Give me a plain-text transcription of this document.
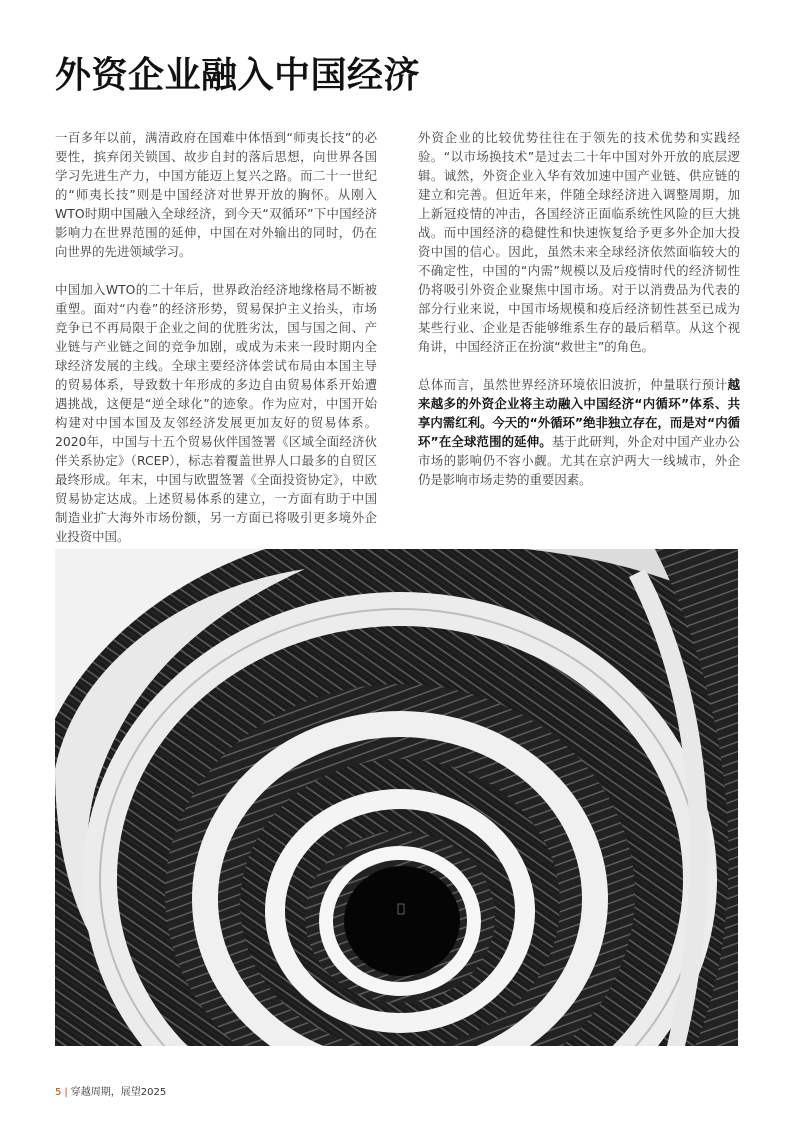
外资企业融入中国经济

一百多年以前，满清政府在国难中体悟到“师夷长技”的必要性，摈弃闭关锁国、故步自封的落后思想，向世界各国学习先进生产力，中国方能迈上复兴之路。而二十一世纪的“师夷长技”则是中国经济对世界开放的胸怀。从刚入WTO时期中国融入全球经济，到今天“双循环”下中国经济影响力在世界范围的延伸，中国在对外输出的同时，仍在向世界的先进领域学习。

中国加入WTO的二十年后，世界政治经济地缘格局不断被重塑。面对“内卷”的经济形势，贸易保护主义抬头，市场竞争已不再局限于企业之间的优胜劣汰，国与国之间、产业链与产业链之间的竞争加剧，或成为未来一段时期内全球经济发展的主线。全球主要经济体尝试布局由本国主导的贸易体系，导致数十年形成的多边自由贸易体系开始遭遇挑战，这便是“逆全球化”的迹象。作为应对，中国开始构建对中国本国及友邻经济发展更加友好的贸易体系。2020年，中国与十五个贸易伙伴国签署《区域全面经济伙伴关系协定》（RCEP），标志着覆盖世界人口最多的自贸区最终形成。年末，中国与欧盟签署《全面投资协定》，中欧贸易协定达成。上述贸易体系的建立，一方面有助于中国制造业扩大海外市场份额，另一方面已将吸引更多境外企业投资中国。

外资企业的比较优势往往在于领先的技术优势和实践经验。“以市场换技术”是过去二十年中国对外开放的底层逻辑。诚然，外资企业入华有效加速中国产业链、供应链的建立和完善。但近年来，伴随全球经济进入调整周期，加上新冠疫情的冲击，各国经济正面临系统性风险的巨大挑战。而中国经济的稳健性和快速恢复给予更多外企加大投资中国的信心。因此，虽然未来全球经济依然面临较大的不确定性，中国的“内需”规模以及后疫情时代的经济韧性仍将吸引外资企业聚焦中国市场。对于以消费品为代表的部分行业来说，中国市场规模和疫后经济韧性甚至已成为某些行业、企业是否能够维系生存的最后稻草。从这个视角讲，中国经济正在扮演“救世主”的角色。

总体而言，虽然世界经济环境依旧波折，仲量联行预计越来越多的外资企业将主动融入中国经济“内循环”体系、共享内需红利。今天的“外循环”绝非独立存在，而是对“内循环”在全球范围的延伸。基于此研判，外企对中国产业办公市场的影响仍不容小觑。尤其在京沪两大一线城市，外企仍是影响市场走势的重要因素。

5 | 穿越周期，展望2025
